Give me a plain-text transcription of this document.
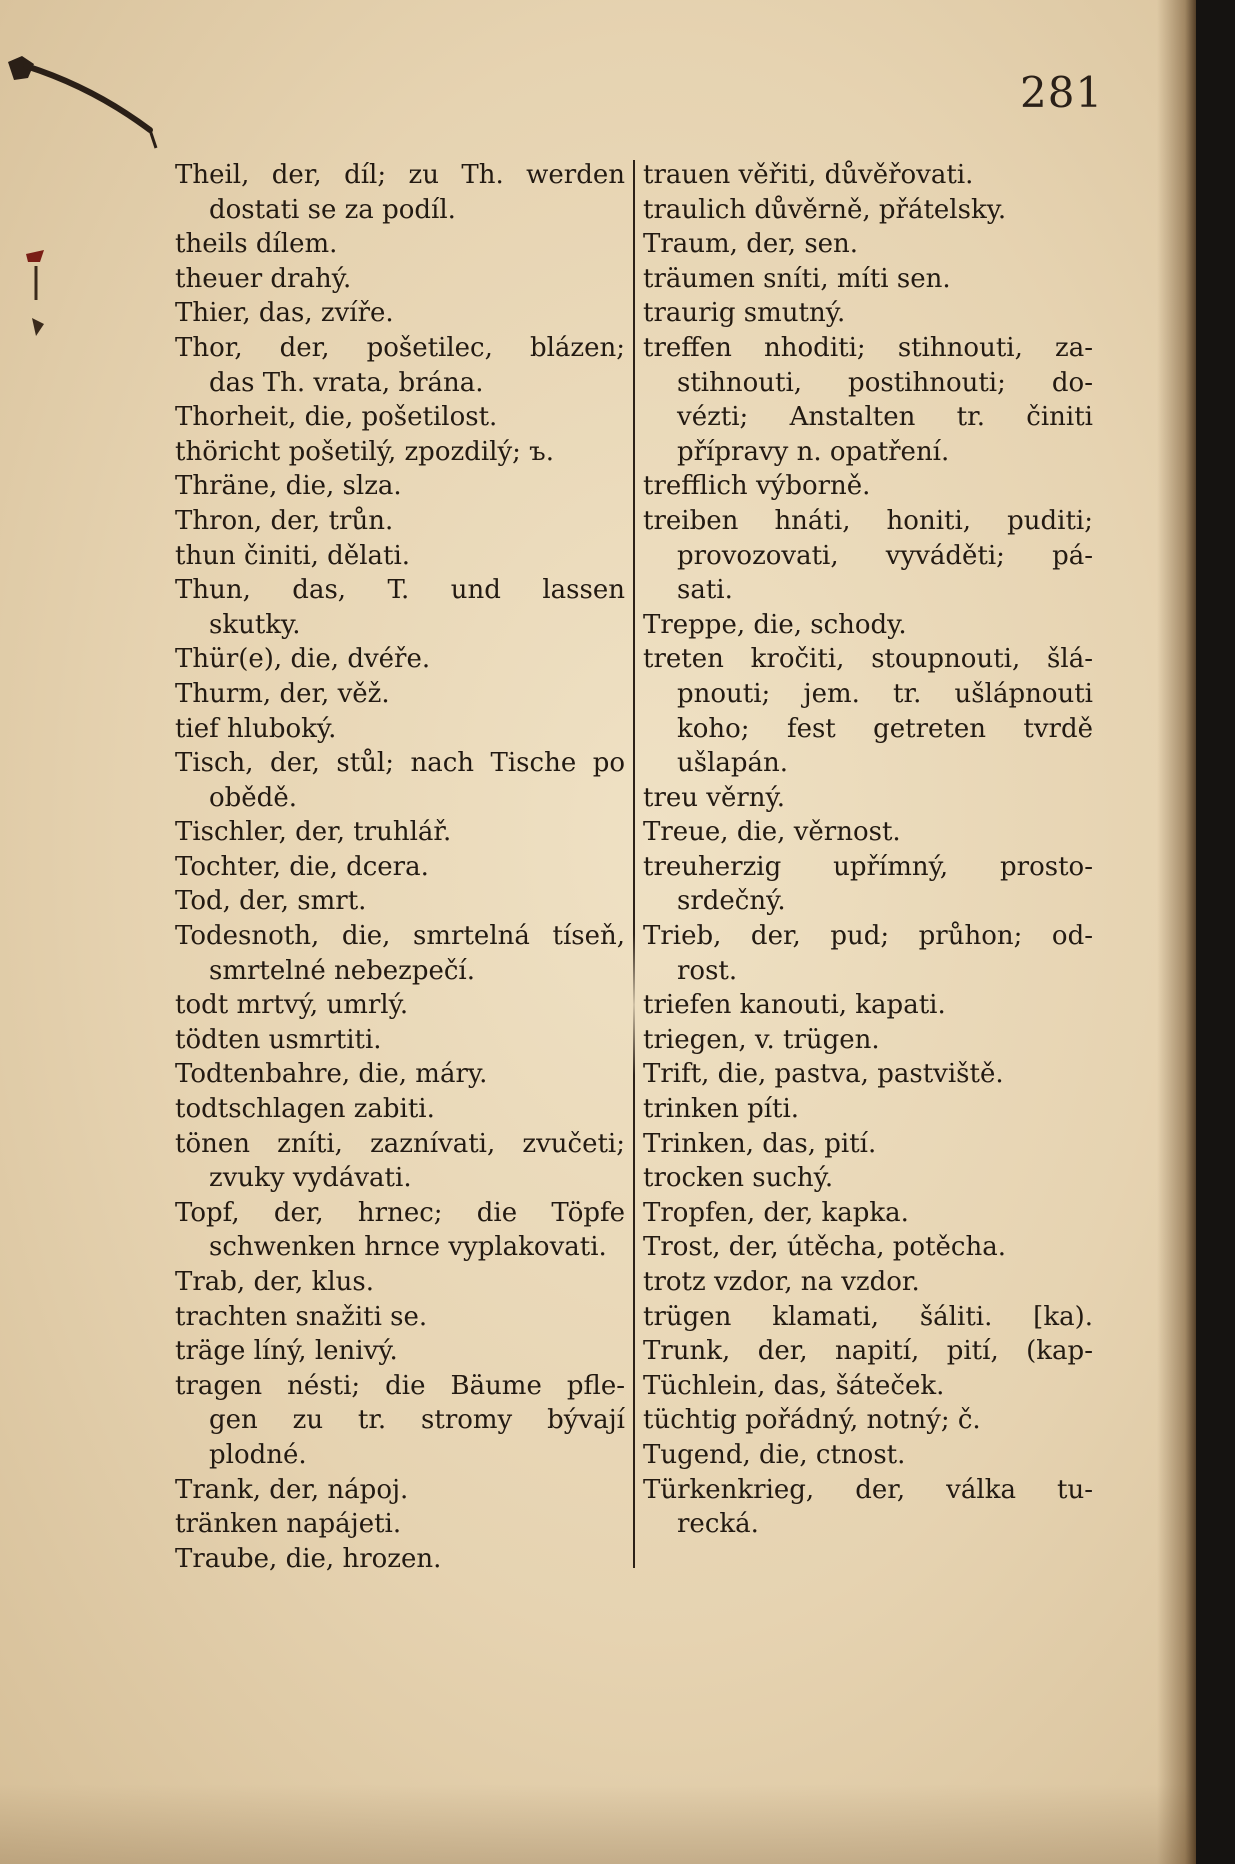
281
Theil, der, díl; zu Th. werden
dostati se za podíl.
theils dílem.
theuer drahý.
Thier, das, zvíře.
Thor, der, pošetilec, blázen;
das Th. vrata, brána.
Thorheit, die, pošetilost.
thöricht pošetilý, zpozdilý; ъ.
Thräne, die, slza.
Thron, der, trůn.
thun činiti, dělati.
Thun, das, T. und lassen
skutky.
Thür(e), die, dvéře.
Thurm, der, věž.
tief hluboký.
Tisch, der, stůl; nach Tische po
obědě.
Tischler, der, truhlář.
Tochter, die, dcera.
Tod, der, smrt.
Todesnoth, die, smrtelná tíseň,
smrtelné nebezpečí.
todt mrtvý, umrlý.
tödten usmrtiti.
Todtenbahre, die, máry.
todtschlagen zabiti.
tönen zníti, zaznívati, zvučeti;
zvuky vydávati.
Topf, der, hrnec; die Töpfe
schwenken hrnce vyplakovati.
Trab, der, klus.
trachten snažiti se.
träge líný, lenivý.
tragen nésti; die Bäume pfle-
gen zu tr. stromy bývají
plodné.
Trank, der, nápoj.
tränken napájeti.
Traube, die, hrozen.
trauen věřiti, důvěřovati.
traulich důvěrně, přátelsky.
Traum, der, sen.
träumen sníti, míti sen.
traurig smutný.
treffen nhoditi; stihnouti, za-
stihnouti, postihnouti; do-
vézti; Anstalten tr. činiti
přípravy n. opatření.
trefflich výborně.
treiben hnáti, honiti, puditi;
provozovati, vyváděti; pá-
sati.
Treppe, die, schody.
treten kročiti, stoupnouti, šlá-
pnouti; jem. tr. ušlápnouti
koho; fest getreten tvrdě
ušlapán.
treu věrný.
Treue, die, věrnost.
treuherzig upřímný, prosto-
srdečný.
Trieb, der, pud; průhon; od-
rost.
triefen kanouti, kapati.
triegen, v. trügen.
Trift, die, pastva, pastviště.
trinken píti.
Trinken, das, pití.
trocken suchý.
Tropfen, der, kapka.
Trost, der, útěcha, potěcha.
trotz vzdor, na vzdor.
trügen klamati, šáliti. [ka).
Trunk, der, napití, pití, (kap-
Tüchlein, das, šáteček.
tüchtig pořádný, notný; č.
Tugend, die, ctnost.
Türkenkrieg, der, válka tu-
recká.
